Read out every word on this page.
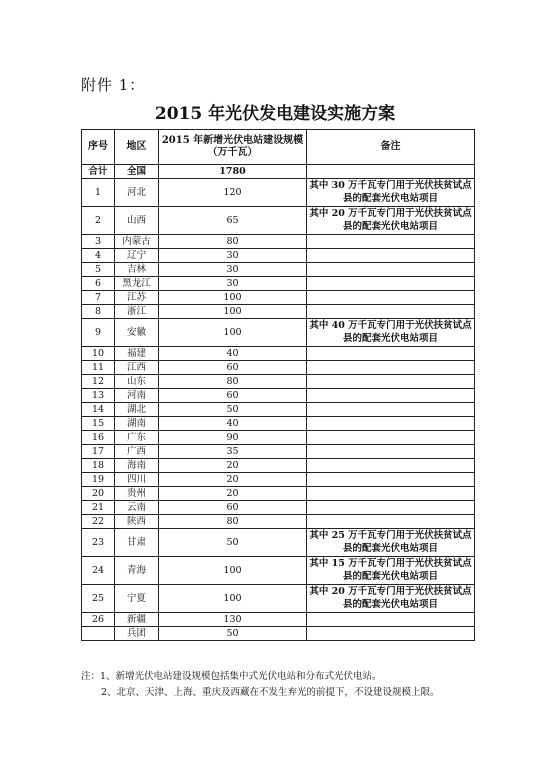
附件 1：
2015 年光伏发电建设实施方案
序号	地区	2015 年新增光伏电站建设规模（万千瓦）	备注
合计	全国	1780	
1	河北	120	其中 30 万千瓦专门用于光伏扶贫试点县的配套光伏电站项目
2	山西	65	其中 20 万千瓦专门用于光伏扶贫试点县的配套光伏电站项目
3	内蒙古	80	
4	辽宁	30	
5	吉林	30	
6	黑龙江	30	
7	江苏	100	
8	浙江	100	
9	安徽	100	其中 40 万千瓦专门用于光伏扶贫试点县的配套光伏电站项目
10	福建	40	
11	江西	60	
12	山东	80	
13	河南	60	
14	湖北	50	
15	湖南	40	
16	广东	90	
17	广西	35	
18	海南	20	
19	四川	20	
20	贵州	20	
21	云南	60	
22	陕西	80	
23	甘肃	50	其中 25 万千瓦专门用于光伏扶贫试点县的配套光伏电站项目
24	青海	100	其中 15 万千瓦专门用于光伏扶贫试点县的配套光伏电站项目
25	宁夏	100	其中 20 万千瓦专门用于光伏扶贫试点县的配套光伏电站项目
26	新疆	130	
	兵团	50	
注：1、新增光伏电站建设规模包括集中式光伏电站和分布式光伏电站。
2、北京、天津、上海、重庆及西藏在不发生弃光的前提下，不设建设规模上限。
